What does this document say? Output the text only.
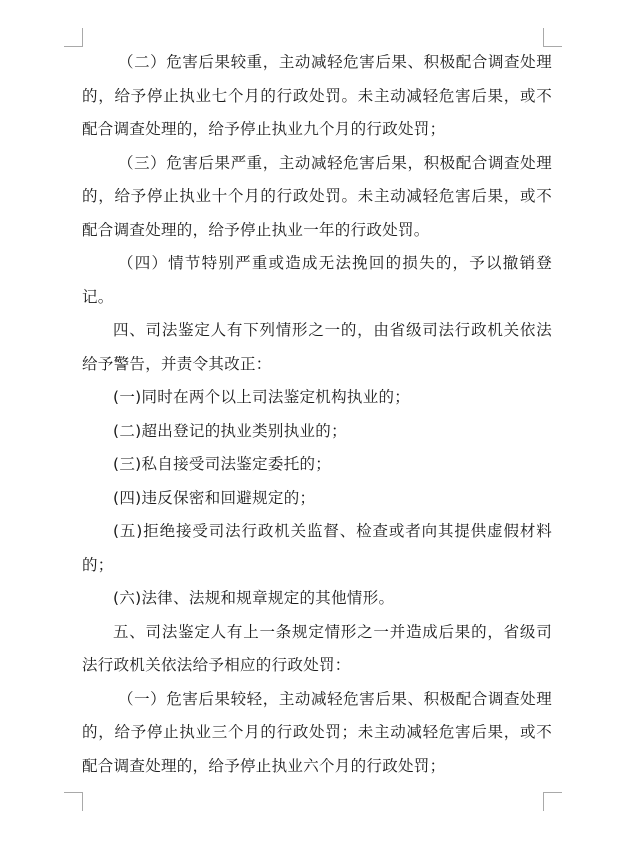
（二）危害后果较重，主动减轻危害后果、积极配合调查处理的，给予停止执业七个月的行政处罚。未主动减轻危害后果，或不配合调查处理的，给予停止执业九个月的行政处罚；

（三）危害后果严重，主动减轻危害后果，积极配合调查处理的，给予停止执业十个月的行政处罚。未主动减轻危害后果，或不配合调查处理的，给予停止执业一年的行政处罚。

（四）情节特别严重或造成无法挽回的损失的，予以撤销登记。

四、司法鉴定人有下列情形之一的，由省级司法行政机关依法给予警告，并责令其改正：

(一)同时在两个以上司法鉴定机构执业的；

(二)超出登记的执业类别执业的；

(三)私自接受司法鉴定委托的；

(四)违反保密和回避规定的；

(五)拒绝接受司法行政机关监督、检查或者向其提供虚假材料的；

(六)法律、法规和规章规定的其他情形。

五、司法鉴定人有上一条规定情形之一并造成后果的，省级司法行政机关依法给予相应的行政处罚：

（一）危害后果较轻，主动减轻危害后果、积极配合调查处理的，给予停止执业三个月的行政处罚；未主动减轻危害后果，或不配合调查处理的，给予停止执业六个月的行政处罚；
